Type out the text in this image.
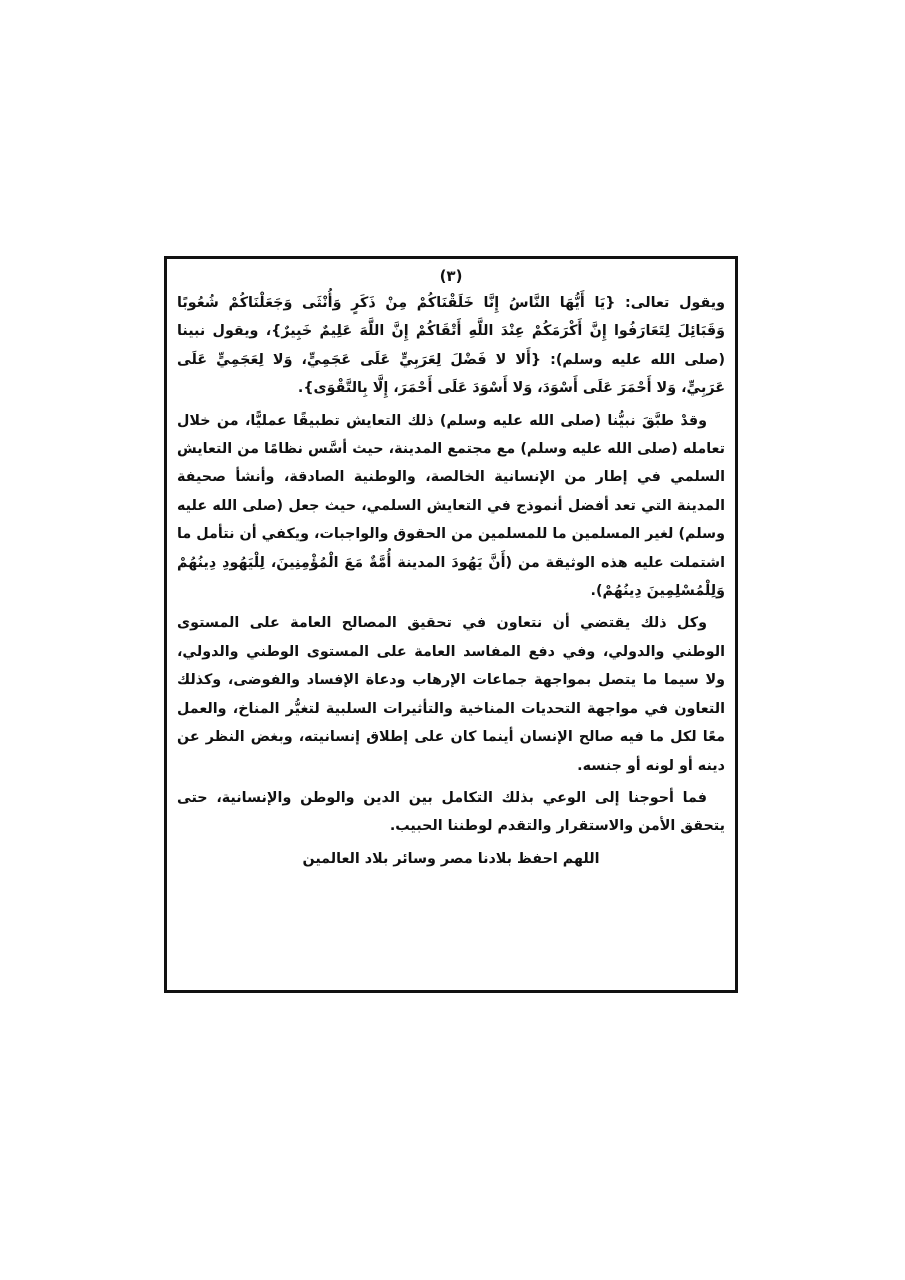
(٣)

ويقول تعالى: {يَا أَيُّهَا النَّاسُ إِنَّا خَلَقْنَاكُمْ مِنْ ذَكَرٍ وَأُنْثَى وَجَعَلْنَاكُمْ شُعُوبًا وَقَبَائِلَ لِتَعَارَفُوا إِنَّ أَكْرَمَكُمْ عِنْدَ اللَّهِ أَتْقَاكُمْ إِنَّ اللَّهَ عَلِيمٌ خَبِيرٌ}، ويقول نبينا (صلى الله عليه وسلم): {أَلا لا فَضْلَ لِعَرَبِيٍّ عَلَى عَجَمِيٍّ، وَلا لِعَجَمِيٍّ عَلَى عَرَبِيٍّ، وَلا أَحْمَرَ عَلَى أَسْوَدَ، وَلا أَسْوَدَ عَلَى أَحْمَرَ، إِلَّا بِالتَّقْوَى}.

وقدْ طبَّقَ نبيُّنا (صلى الله عليه وسلم) ذلك التعايش تطبيقًا عمليًّا، من خلال تعامله (صلى الله عليه وسلم) مع مجتمع المدينة، حيث أسَّس نظامًا من التعايش السلمي في إطار من الإنسانية الخالصة، والوطنية الصادقة، وأنشأ صحيفة المدينة التي تعد أفضل أنموذج في التعايش السلمي، حيث جعل (صلى الله عليه وسلم) لغير المسلمين ما للمسلمين من الحقوق والواجبات، ويكفي أن نتأمل ما اشتملت عليه هذه الوثيقة من (أَنَّ يَهُودَ المدينة أُمَّةٌ مَعَ الْمُؤْمِنِينَ، لِلْيَهُودِ دِينُهُمْ وَلِلْمُسْلِمِينَ دِينُهُمْ).

وكل ذلك يقتضي أن نتعاون في تحقيق المصالح العامة على المستوى الوطني والدولي، وفي دفع المفاسد العامة على المستوى الوطني والدولي، ولا سيما ما يتصل بمواجهة جماعات الإرهاب ودعاة الإفساد والفوضى، وكذلك التعاون في مواجهة التحديات المناخية والتأثيرات السلبية لتغيُّر المناخ، والعمل معًا لكل ما فيه صالح الإنسان أينما كان على إطلاق إنسانيته، وبغض النظر عن دينه أو لونه أو جنسه.

فما أحوجنا إلى الوعي بذلك التكامل بين الدين والوطن والإنسانية، حتى يتحقق الأمن والاستقرار والتقدم لوطننا الحبيب.

اللهم احفظ بلادنا مصر وسائر بلاد العالمين
